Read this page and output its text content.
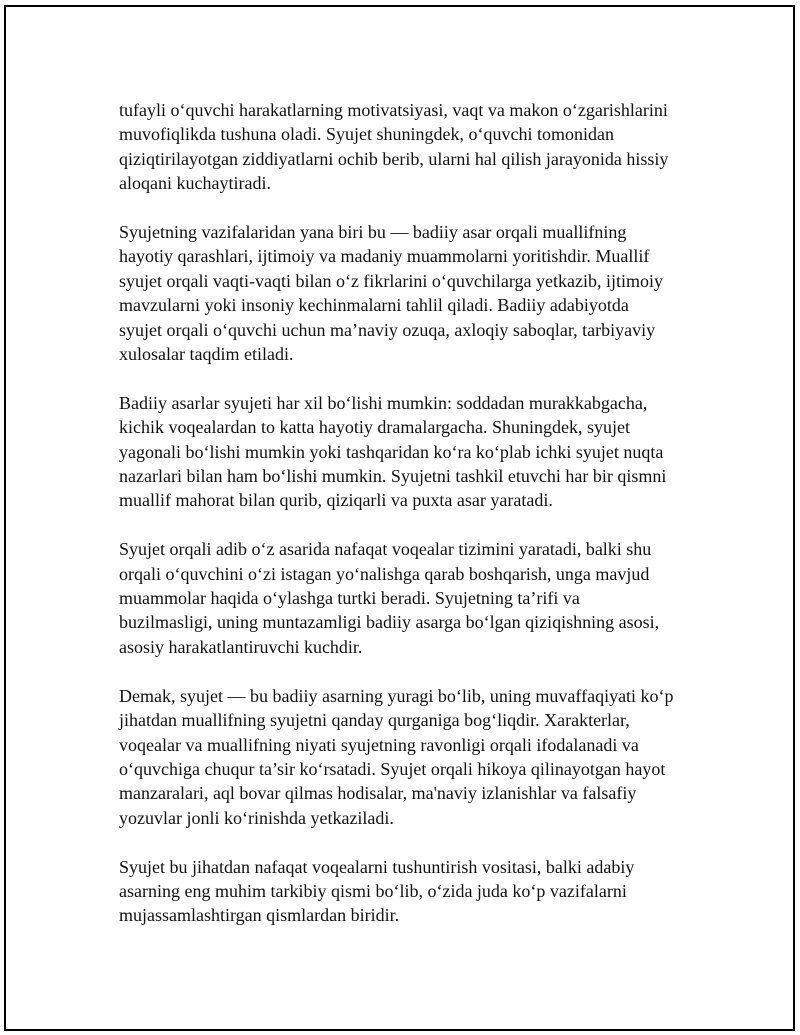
tufayli o‘quvchi harakatlarning motivatsiyasi, vaqt va makon o‘zgarishlarini
muvofiqlikda tushuna oladi. Syujet shuningdek, o‘quvchi tomonidan
qiziqtirilayotgan ziddiyatlarni ochib berib, ularni hal qilish jarayonida hissiy
aloqani kuchaytiradi.

Syujetning vazifalaridan yana biri bu — badiiy asar orqali muallifning
hayotiy qarashlari, ijtimoiy va madaniy muammolarni yoritishdir. Muallif
syujet orqali vaqti-vaqti bilan o‘z fikrlarini o‘quvchilarga yetkazib, ijtimoiy
mavzularni yoki insoniy kechinmalarni tahlil qiladi. Badiiy adabiyotda
syujet orqali o‘quvchi uchun ma’naviy ozuqa, axloqiy saboqlar, tarbiyaviy
xulosalar taqdim etiladi.

Badiiy asarlar syujeti har xil bo‘lishi mumkin: soddadan murakkabgacha,
kichik voqealardan to katta hayotiy dramalargacha. Shuningdek, syujet
yagonali bo‘lishi mumkin yoki tashqaridan ko‘ra ko‘plab ichki syujet nuqta
nazarlari bilan ham bo‘lishi mumkin. Syujetni tashkil etuvchi har bir qismni
muallif mahorat bilan qurib, qiziqarli va puxta asar yaratadi.

Syujet orqali adib o‘z asarida nafaqat voqealar tizimini yaratadi, balki shu
orqali o‘quvchini o‘zi istagan yo‘nalishga qarab boshqarish, unga mavjud
muammolar haqida o‘ylashga turtki beradi. Syujetning ta’rifi va
buzilmasligi, uning muntazamligi badiiy asarga bo‘lgan qiziqishning asosi,
asosiy harakatlantiruvchi kuchdir.

Demak, syujet — bu badiiy asarning yuragi bo‘lib, uning muvaffaqiyati ko‘p
jihatdan muallifning syujetni qanday qurganiga bog‘liqdir. Xarakterlar,
voqealar va muallifning niyati syujetning ravonligi orqali ifodalanadi va
o‘quvchiga chuqur ta’sir ko‘rsatadi. Syujet orqali hikoya qilinayotgan hayot
manzaralari, aql bovar qilmas hodisalar, ma'naviy izlanishlar va falsafiy
yozuvlar jonli ko‘rinishda yetkaziladi.

Syujet bu jihatdan nafaqat voqealarni tushuntirish vositasi, balki adabiy
asarning eng muhim tarkibiy qismi bo‘lib, o‘zida juda ko‘p vazifalarni
mujassamlashtirgan qismlardan biridir.
